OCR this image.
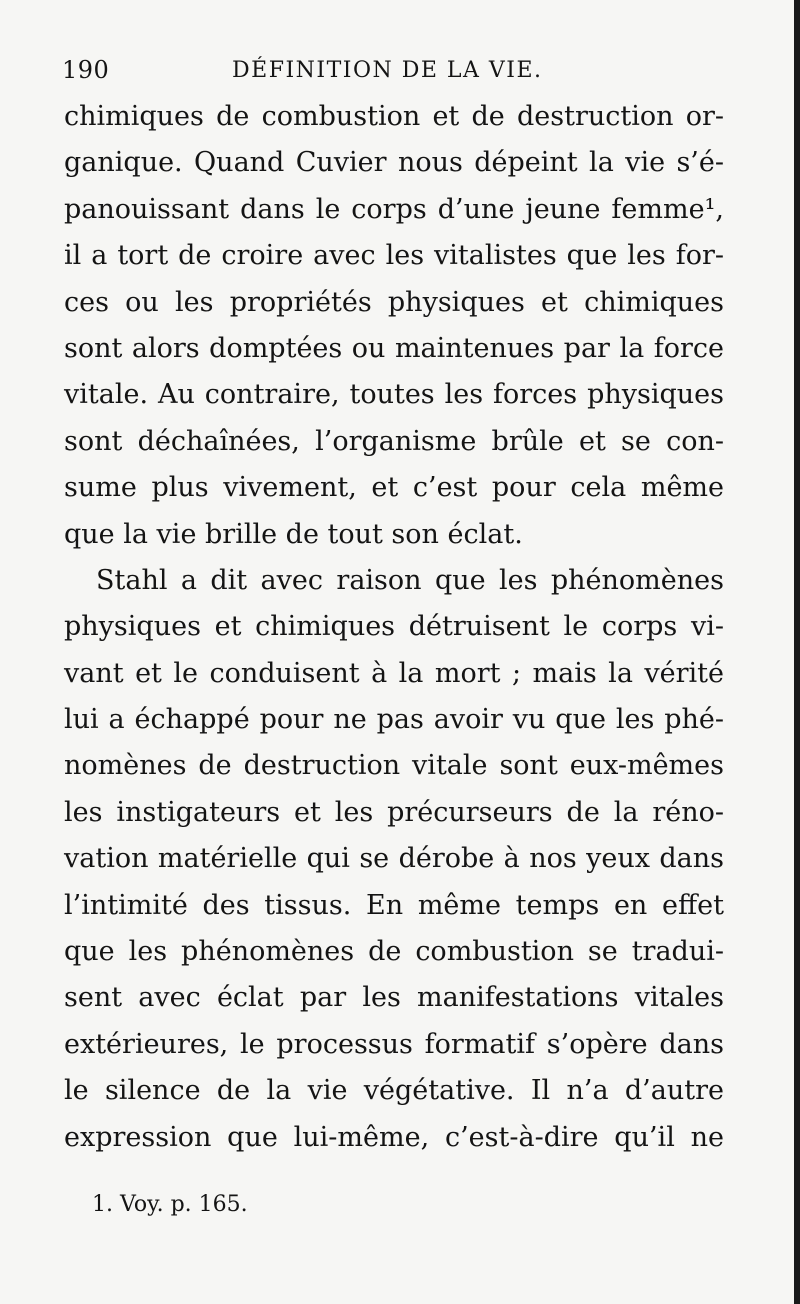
190	DÉFINITION DE LA VIE.
chimiques de combustion et de destruction or-
ganique. Quand Cuvier nous dépeint la vie s’é-
panouissant dans le corps d’une jeune femme¹,
il a tort de croire avec les vitalistes que les for-
ces ou les propriétés physiques et chimiques
sont alors domptées ou maintenues par la force
vitale. Au contraire, toutes les forces physiques
sont déchaînées, l’organisme brûle et se con-
sume plus vivement, et c’est pour cela même
que la vie brille de tout son éclat.
Stahl a dit avec raison que les phénomènes
physiques et chimiques détruisent le corps vi-
vant et le conduisent à la mort ; mais la vérité
lui a échappé pour ne pas avoir vu que les phé-
nomènes de destruction vitale sont eux-mêmes
les instigateurs et les précurseurs de la réno-
vation matérielle qui se dérobe à nos yeux dans
l’intimité des tissus. En même temps en effet
que les phénomènes de combustion se tradui-
sent avec éclat par les manifestations vitales
extérieures, le processus formatif s’opère dans
le silence de la vie végétative. Il n’a d’autre
expression que lui-même, c’est-à-dire qu’il ne
1. Voy. p. 165.
